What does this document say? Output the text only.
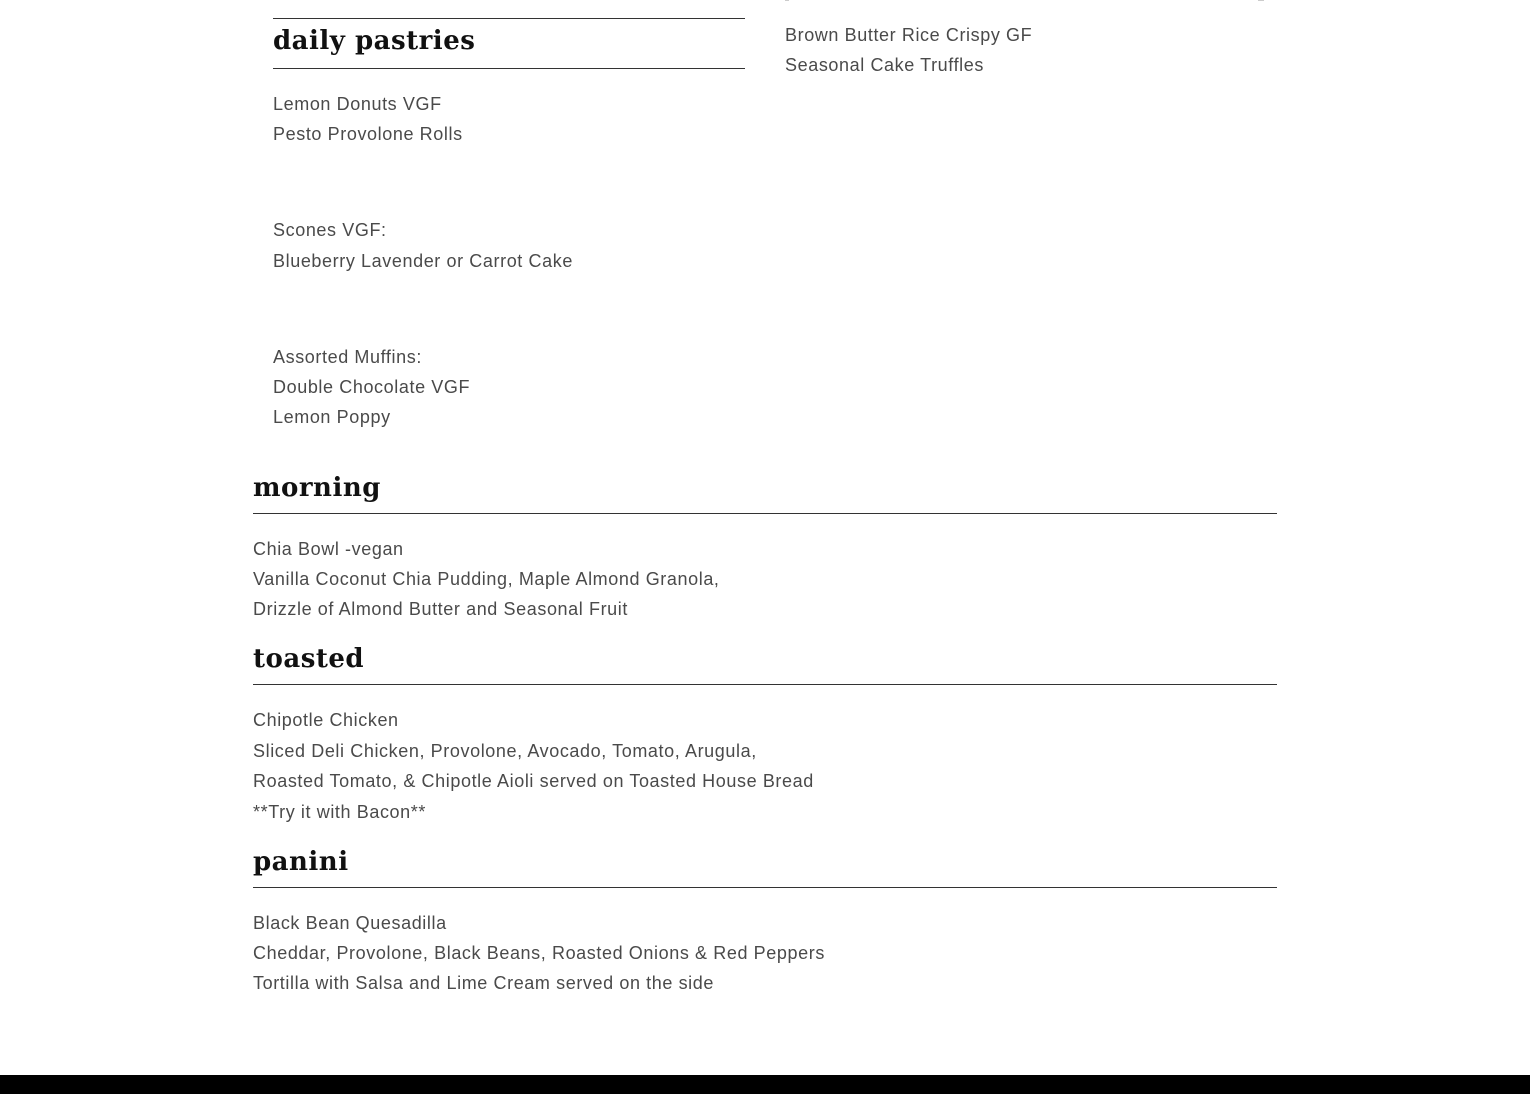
daily pastries
Lemon Donuts VGF
Pesto Provolone Rolls
Scones VGF:
Blueberry Lavender or Carrot Cake
Assorted Muffins:
Double Chocolate VGF
Lemon Poppy
Brown Butter Rice Crispy GF
Seasonal Cake Truffles
morning
Chia Bowl -vegan
Vanilla Coconut Chia Pudding, Maple Almond Granola,
Drizzle of Almond Butter and Seasonal Fruit
toasted
Chipotle Chicken
Sliced Deli Chicken, Provolone, Avocado, Tomato, Arugula,
Roasted Tomato, & Chipotle Aioli served on Toasted House Bread
**Try it with Bacon**
panini
Black Bean Quesadilla
Cheddar, Provolone, Black Beans, Roasted Onions & Red Peppers
Tortilla with Salsa and Lime Cream served on the side
